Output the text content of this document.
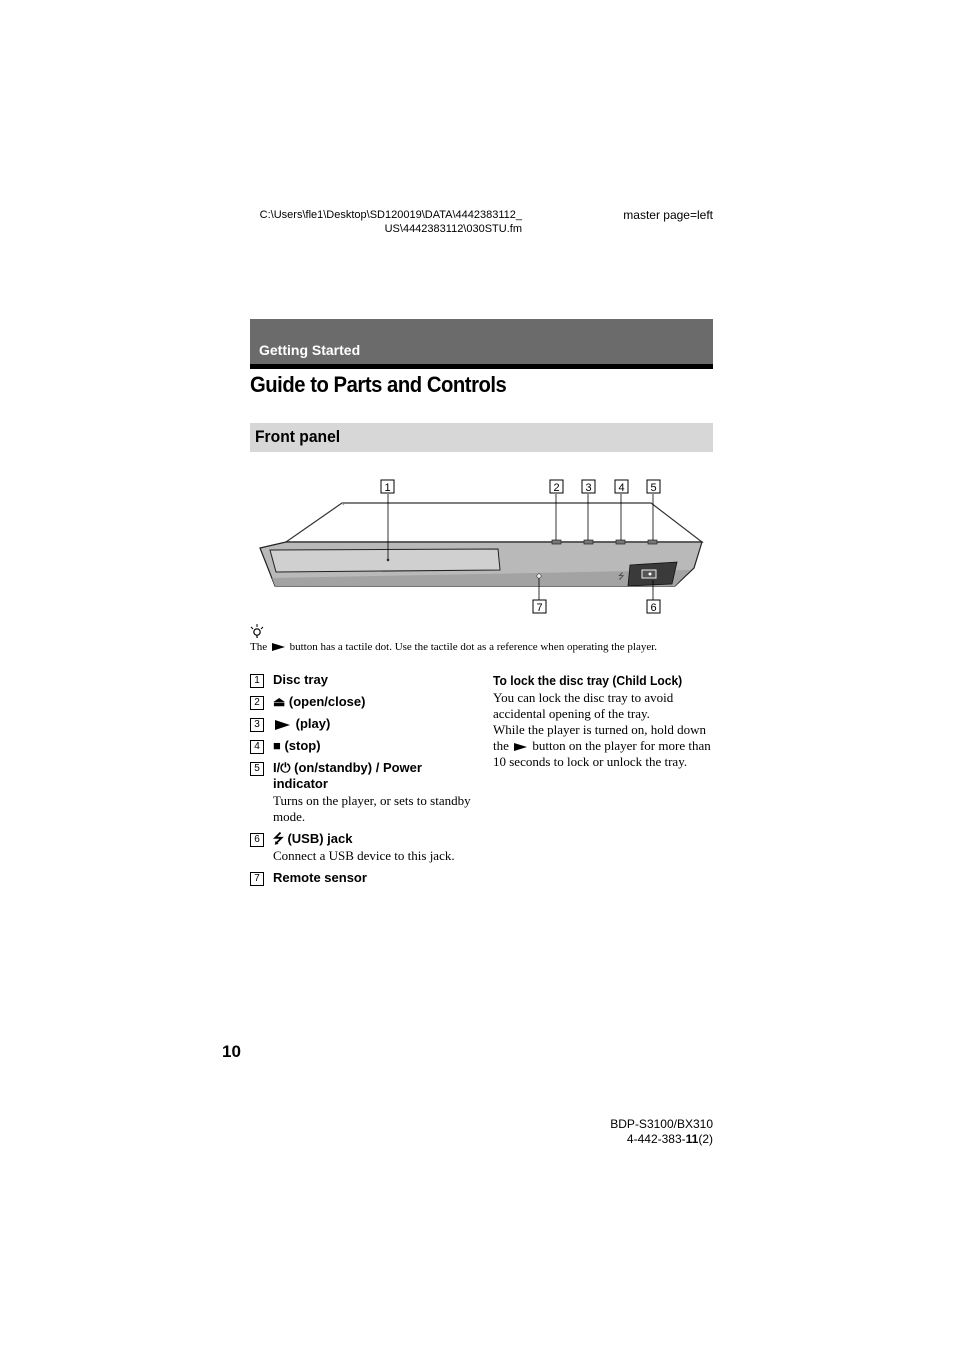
C:\Users\fle1\Desktop\SD120019\DATA\4442383112_
US\4442383112\030STU.fm
master page=left
Getting Started
Guide to Parts and Controls
Front panel
⭍
1	2 3 4 5
6
7
The button has a tactile dot. Use the tactile dot as a reference when operating the player.
1	Disc tray
2	⏏ (open/close)
3	(play)
4	■ (stop)
5	I/⏻ (on/standby) / Power indicator
Turns on the player, or sets to standby mode.
6	⭍ (USB) jack
Connect a USB device to this jack.
7	Remote sensor
To lock the disc tray (Child Lock)
You can lock the disc tray to avoid accidental opening of the tray.
While the player is turned on, hold down the button on the player for more than 10 seconds to lock or unlock the tray.
10
BDP-S3100/BX310
4-442-383-11(2)
